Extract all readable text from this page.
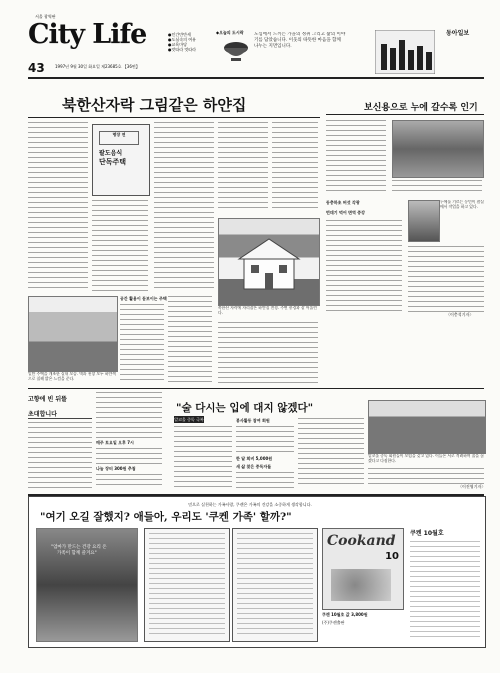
서울 광역판
City Life
43	1997년 9월 30일 화요일 제23685호 【36면】
●인간만만세
●도심속의 여유
●교육마당
●맛따라 멋따라
◆오늘의 도시락 도심에서 느끼는 가을의 정취 그리고 삶의 이야기를 담았습니다. 이웃의 따뜻한 마음을 함께 나누는 지면입니다.
동아일보
북한산자락 그림같은 하얀집
명장 연
팔도음식
단독주택
일반 주택을 개조한 실내 모습. 벽과 천장 모두 하얀색으로 칠해 밝은 느낌을 준다.
공간 활용이 돋보이는 주택
북한산 자락에 자리잡은 하얀집 전경. 주변 풍경과 잘 어울린다.
보신용으로 누에 갈수록 인기
동충하초 버섯 각광
번데기 먹어 면역 증강
누에를 기르는 농민이 잠실에서 작업을 하고 있다.
〈이충석기자〉
고향에 빈 뒤뜰
초대합니다
매주 토요일 오후 7시
나눔 장터 300원 추첨
"술 다시는 입에 대지 않겠다"
알코올 중독 극복	봉사활동 참여 회원
한 달 회비 5,000원
새 삶 찾은 중독자들
알코올 중독 회원들이 모임을 갖고 있다. 이들은 서로 격려하며 술을 끊겠다고 다짐한다.
〈이진영기자〉
믿으로 실천하는 가족사랑, 쿠켄은 가족의 건강을 소중하게 생각합니다.
"여기 오길 잘했지? 애들아, 우리도 '쿠켄 가족' 할까?"
"엄마가 만드는 건강 요리 온
가족이 함께 즐겨요"
Cookand
10
쿠켄 10월호 값 3,800원
(주)쿠켄출판
쿠켄 10월호
